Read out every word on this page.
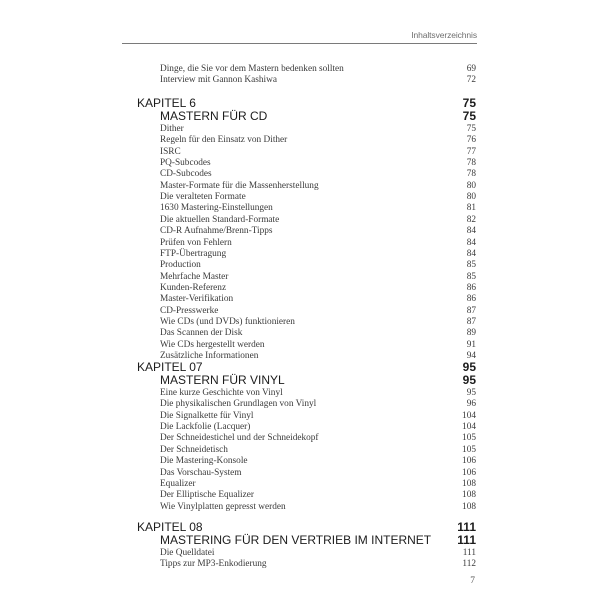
Inhaltsverzeichnis
Dinge, die Sie vor dem Mastern bedenken sollten	69
Interview mit Gannon Kashiwa	72
KAPITEL 6	75
MASTERN FÜR CD	75
Dither	75
Regeln für den Einsatz von Dither	76
ISRC	77
PQ-Subcodes	78
CD-Subcodes	78
Master-Formate für die Massenherstellung	80
Die veralteten Formate	80
1630 Mastering-Einstellungen	81
Die aktuellen Standard-Formate	82
CD-R Aufnahme/Brenn-Tipps	84
Prüfen von Fehlern	84
FTP-Übertragung	84
Production	85
Mehrfache Master	85
Kunden-Referenz	86
Master-Verifikation	86
CD-Presswerke	87
Wie CDs (und DVDs) funktionieren	87
Das Scannen der Disk	89
Wie CDs hergestellt werden	91
Zusätzliche Informationen	94
KAPITEL 07	95
MASTERN FÜR VINYL	95
Eine kurze Geschichte von Vinyl	95
Die physikalischen Grundlagen von Vinyl	96
Die Signalkette für Vinyl	104
Die Lackfolie (Lacquer)	104
Der Schneidestichel und der Schneidekopf	105
Der Schneidetisch	105
Die Mastering-Konsole	106
Das Vorschau-System	106
Equalizer	108
Der Elliptische Equalizer	108
Wie Vinylplatten gepresst werden	108
KAPITEL 08	111
MASTERING FÜR DEN VERTRIEB IM INTERNET 111
Die Quelldatei	111
Tipps zur MP3-Enkodierung	112
7
